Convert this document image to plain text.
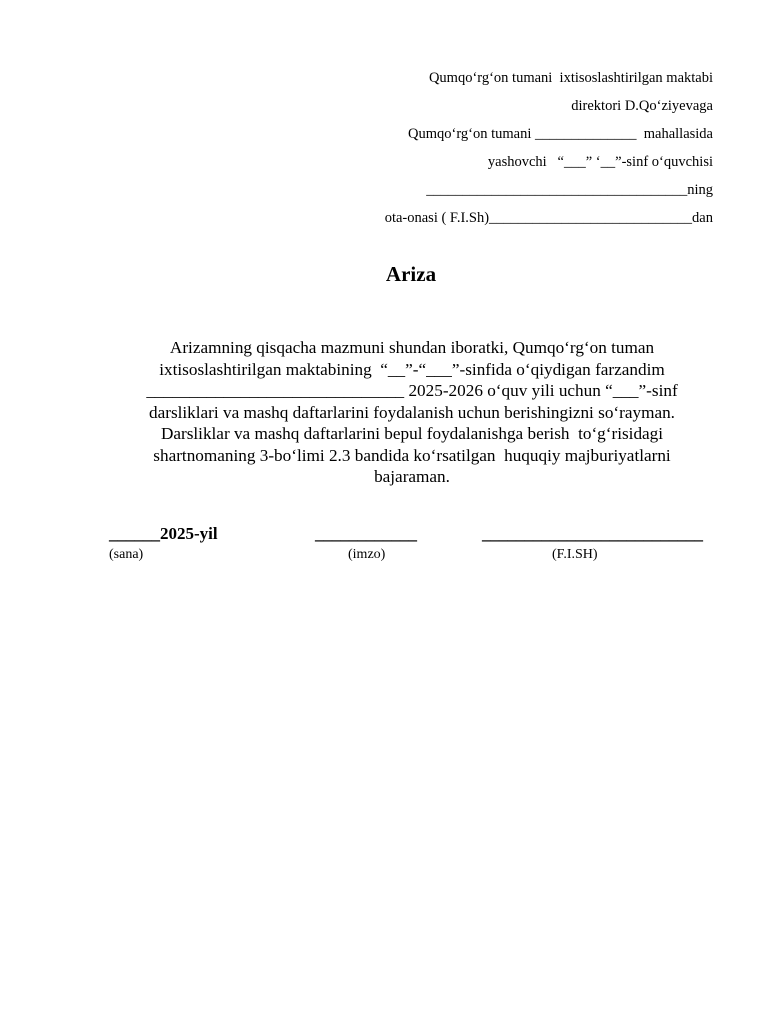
Qumqo‘rg‘on tumani  ixtisoslashtirilgan maktabi
direktori D.Qo‘ziyevaga
Qumqo‘rg‘on tumani ______________  mahallasida
yashovchi   “___” ‘__”-sinf o‘quvchisi
____________________________________ning
ota-onasi ( F.I.Sh)____________________________dan
Ariza
Arizamning qisqacha mazmuni shundan iboratki, Qumqo‘rg‘on tuman
ixtisoslashtirilgan maktabining  “__”-“___”-sinfida o‘qiydigan farzandim
______________________________ 2025-2026 o‘quv yili uchun “___”-sinf
darsliklari va mashq daftarlarini foydalanish uchun berishingizni so‘rayman.
Darsliklar va mashq daftarlarini bepul foydalanishga berish  to‘g‘risidagi
shartnomaning 3-bo‘limi 2.3 bandida ko‘rsatilgan  huquqiy majburiyatlarni
bajaraman.
______2025-yil	____________	__________________________
(sana)	(imzo)	(F.I.SH)
